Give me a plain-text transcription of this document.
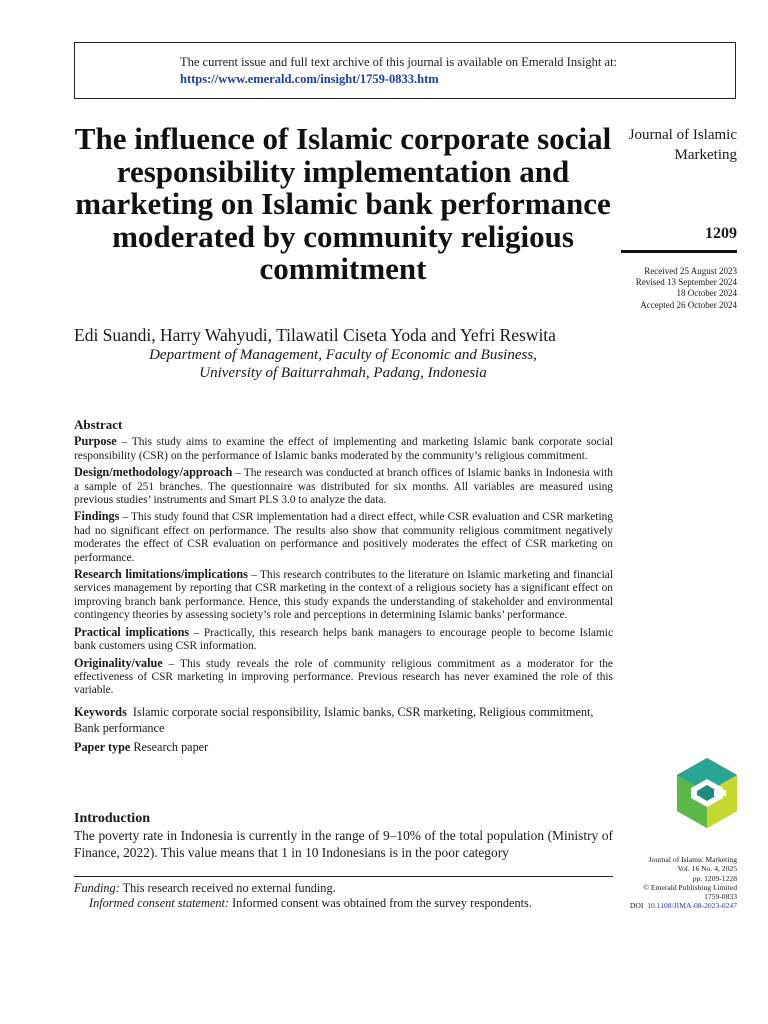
The current issue and full text archive of this journal is available on Emerald Insight at:
https://www.emerald.com/insight/1759-0833.htm
The influence of Islamic corporate social responsibility implementation and marketing on Islamic bank performance moderated by community religious commitment
Edi Suandi, Harry Wahyudi, Tilawatil Ciseta Yoda and Yefri Reswita
Department of Management, Faculty of Economic and Business,
University of Baiturrahmah, Padang, Indonesia
Journal of Islamic Marketing
1209
Received 25 August 2023
Revised 13 September 2024
18 October 2024
Accepted 26 October 2024
Abstract
Purpose – This study aims to examine the effect of implementing and marketing Islamic bank corporate social responsibility (CSR) on the performance of Islamic banks moderated by the community’s religious commitment.
Design/methodology/approach – The research was conducted at branch offices of Islamic banks in Indonesia with a sample of 251 branches. The questionnaire was distributed for six months. All variables are measured using previous studies’ instruments and Smart PLS 3.0 to analyze the data.
Findings – This study found that CSR implementation had a direct effect, while CSR evaluation and CSR marketing had no significant effect on performance. The results also show that community religious commitment negatively moderates the effect of CSR evaluation on performance and positively moderates the effect of CSR marketing on performance.
Research limitations/implications – This research contributes to the literature on Islamic marketing and financial services management by reporting that CSR marketing in the context of a religious society has a significant effect on improving branch bank performance. Hence, this study expands the understanding of stakeholder and environmental contingency theories by assessing society’s role and perceptions in determining Islamic banks’ performance.
Practical implications – Practically, this research helps bank managers to encourage people to become Islamic bank customers using CSR information.
Originality/value – This study reveals the role of community religious commitment as a moderator for the effectiveness of CSR marketing in improving performance. Previous research has never examined the role of this variable.
Keywords Islamic corporate social responsibility, Islamic banks, CSR marketing, Religious commitment, Bank performance
Paper type Research paper
Introduction
The poverty rate in Indonesia is currently in the range of 9–10% of the total population (Ministry of Finance, 2022). This value means that 1 in 10 Indonesians is in the poor category
Funding: This research received no external funding.
Informed consent statement: Informed consent was obtained from the survey respondents.
Journal of Islamic Marketing
Vol. 16 No. 4, 2025
pp. 1209-1228
© Emerald Publishing Limited
1759-0833
DOI 10.1108/JIMA-08-2023-0247
